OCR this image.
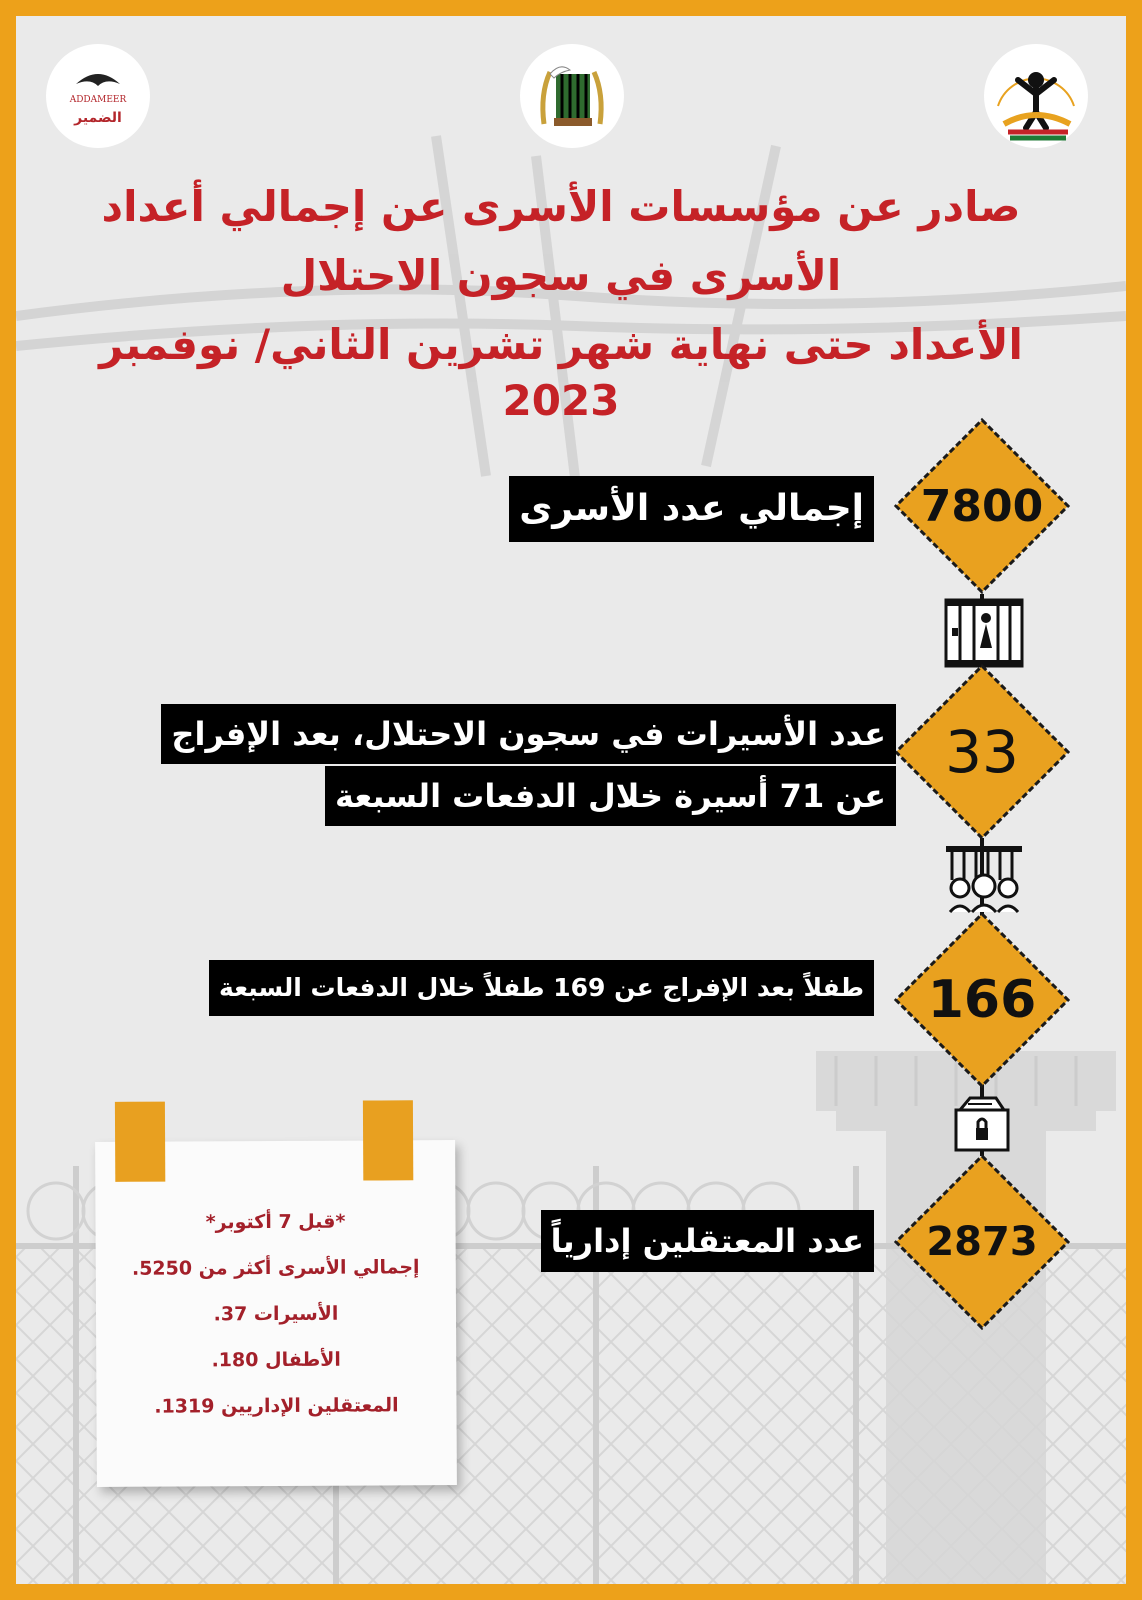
ADDAMEER
الضمير
صادر عن مؤسسات الأسرى عن إجمالي أعداد
الأسرى في سجون الاحتلال
الأعداد حتى نهاية شهر تشرين الثاني/ نوفمبر 2023
7800
إجمالي عدد الأسرى
33
عدد الأسيرات في سجون الاحتلال، بعد الإفراج
عن 71 أسيرة خلال الدفعات السبعة
166
طفلاً بعد الإفراج عن 169 طفلاً خلال الدفعات السبعة
2873
عدد المعتقلين إدارياً
*قبل 7 أكتوبر*
إجمالي الأسرى أكثر من 5250.
الأسيرات 37.
الأطفال 180.
المعتقلين الإداريين 1319.
